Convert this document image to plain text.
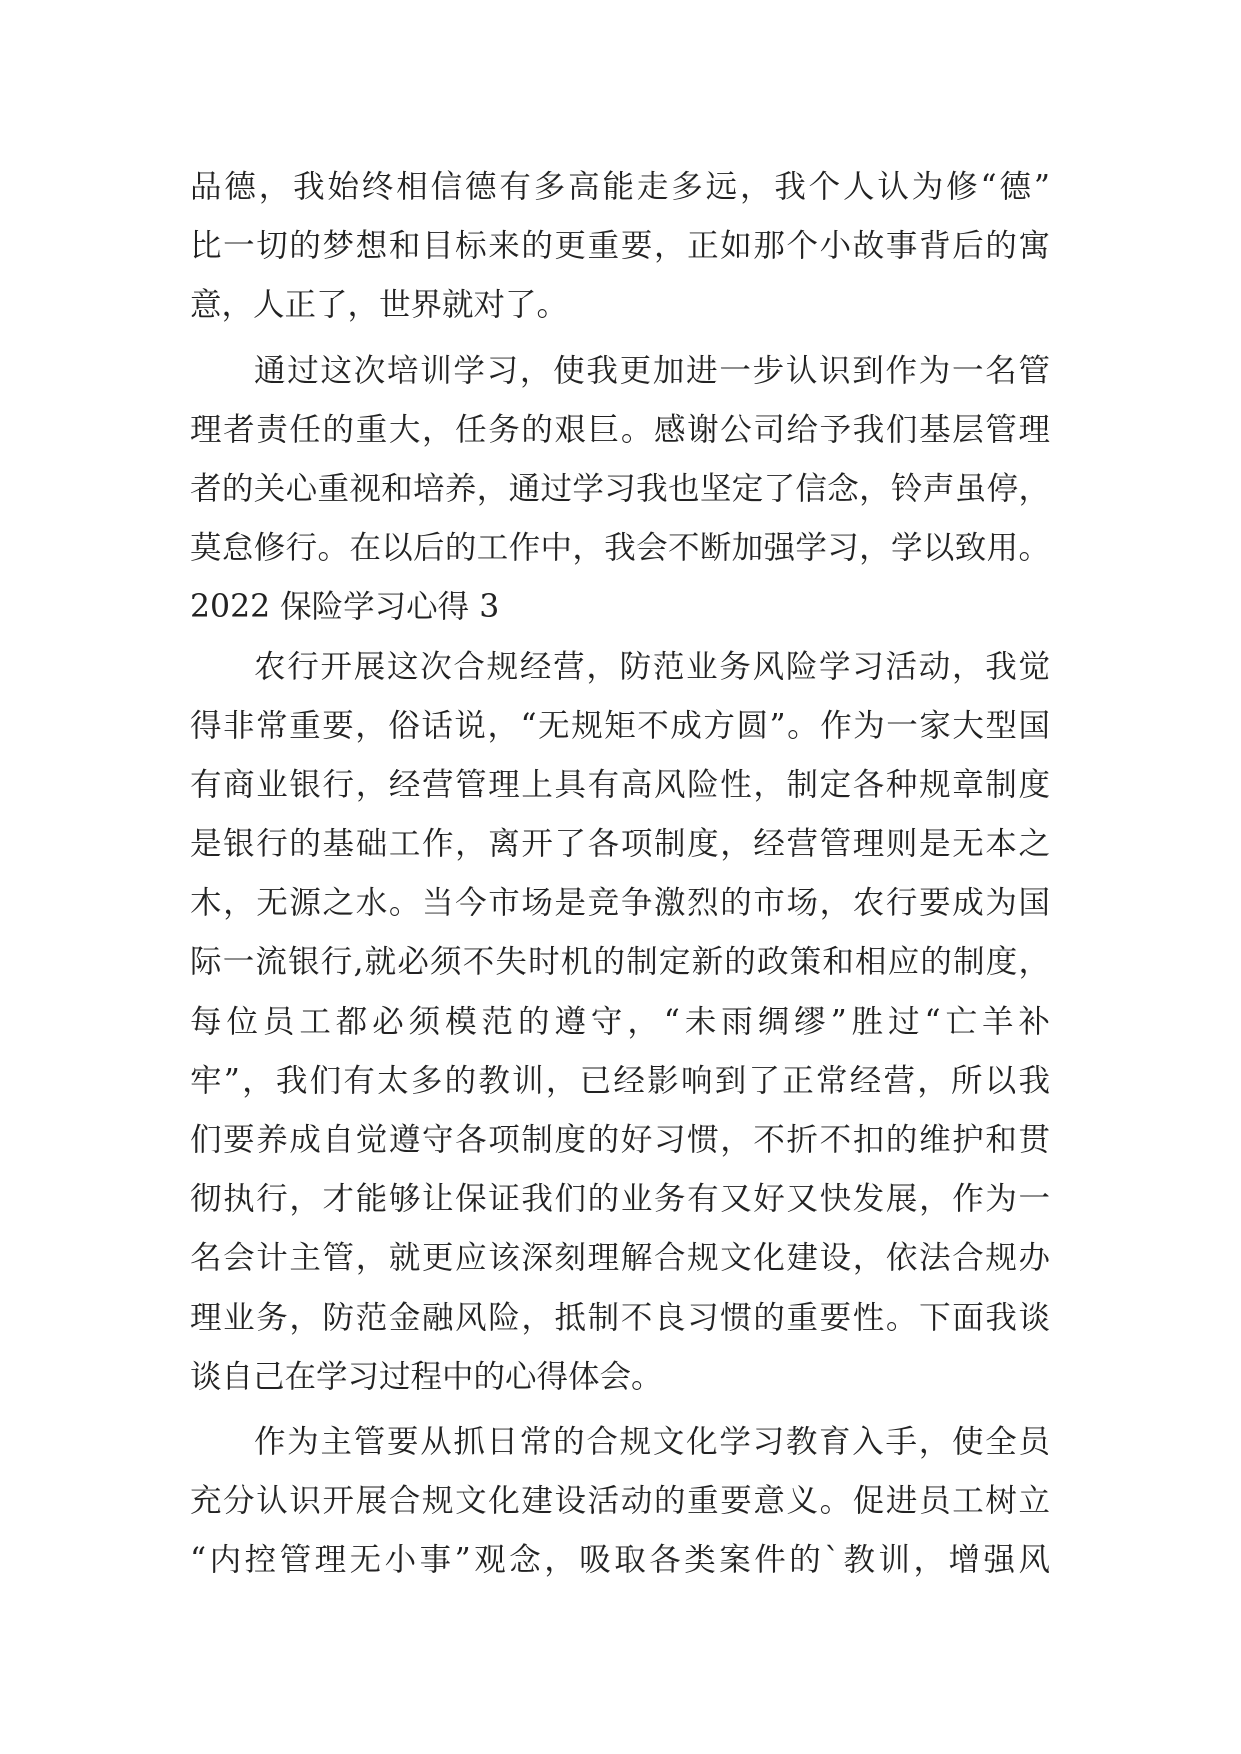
品德，我始终相信德有多高能走多远，我个人认为修“德”
比一切的梦想和目标来的更重要，正如那个小故事背后的寓
意，人正了，世界就对了。
通过这次培训学习，使我更加进一步认识到作为一名管
理者责任的重大，任务的艰巨。感谢公司给予我们基层管理
者的关心重视和培养，通过学习我也坚定了信念，铃声虽停，
莫怠修行。在以后的工作中，我会不断加强学习，学以致用。
2022 保险学习心得 3
农行开展这次合规经营，防范业务风险学习活动，我觉
得非常重要，俗话说，“无规矩不成方圆”。作为一家大型国
有商业银行，经营管理上具有高风险性，制定各种规章制度
是银行的基础工作，离开了各项制度，经营管理则是无本之
木，无源之水。当今市场是竞争激烈的市场，农行要成为国
际一流银行,就必须不失时机的制定新的政策和相应的制度，
每位员工都必须模范的遵守，“未雨绸缪”胜过“亡羊补
牢”，我们有太多的教训，已经影响到了正常经营，所以我
们要养成自觉遵守各项制度的好习惯，不折不扣的维护和贯
彻执行，才能够让保证我们的业务有又好又快发展，作为一
名会计主管，就更应该深刻理解合规文化建设，依法合规办
理业务，防范金融风险，抵制不良习惯的重要性。下面我谈
谈自己在学习过程中的心得体会。
作为主管要从抓日常的合规文化学习教育入手，使全员
充分认识开展合规文化建设活动的重要意义。促进员工树立
“内控管理无小事”观念，吸取各类案件的`教训，增强风
